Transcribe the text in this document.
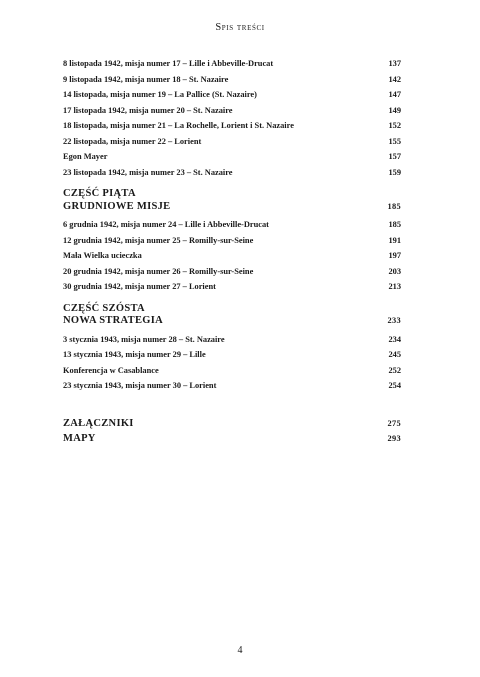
Spis treści
8 listopada 1942, misja numer 17 – Lille i Abbeville-Drucat	137
9 listopada 1942, misja numer 18 – St. Nazaire	142
14 listopada, misja numer 19 – La Pallice (St. Nazaire)	147
17 listopada 1942, misja numer 20 – St. Nazaire	149
18 listopada, misja numer 21 – La Rochelle, Lorient i St. Nazaire	152
22 listopada, misja numer 22 – Lorient	155
Egon Mayer	157
23 listopada 1942, misja numer 23 – St. Nazaire	159
CZĘŚĆ PIĄTA
GRUDNIOWE MISJE	185
6 grudnia 1942, misja numer 24 – Lille i Abbeville-Drucat	185
12 grudnia 1942, misja numer 25 – Romilly-sur-Seine	191
Mała Wielka ucieczka	197
20 grudnia 1942, misja numer 26 – Romilly-sur-Seine	203
30 grudnia 1942, misja numer 27 – Lorient	213
CZĘŚĆ SZÓSTA
NOWA STRATEGIA	233
3 stycznia 1943, misja numer 28 – St. Nazaire	234
13 stycznia 1943, misja numer 29 – Lille	245
Konferencja w Casablance	252
23 stycznia 1943, misja numer 30 – Lorient	254
ZAŁĄCZNIKI	275
MAPY	293
4
